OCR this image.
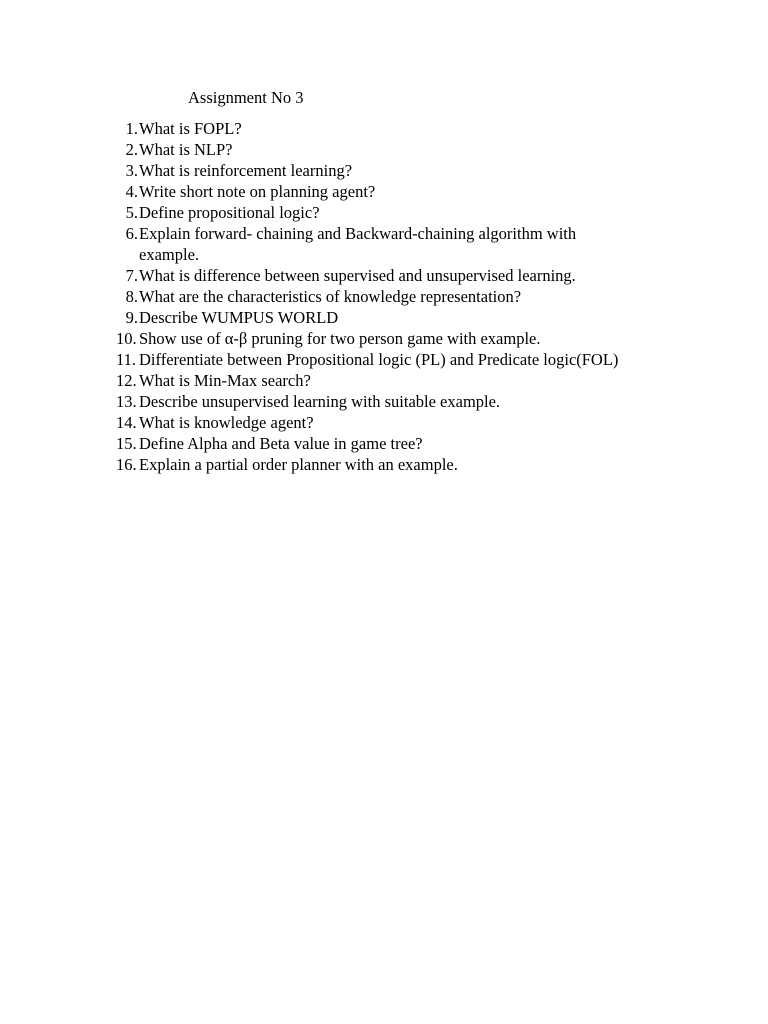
Assignment No 3
1. What is FOPL?
2. What is NLP?
3. What is reinforcement learning?
4. Write short note on planning agent?
5. Define propositional logic?
6. Explain forward- chaining and Backward-chaining algorithm with
example.
7. What is difference between supervised and unsupervised learning.
8. What are the characteristics of knowledge representation?
9. Describe WUMPUS WORLD
10. Show use of α-β pruning for two person game with example.
11. Differentiate between Propositional logic (PL) and Predicate logic(FOL)
12. What is Min-Max search?
13. Describe unsupervised learning with suitable example.
14. What is knowledge agent?
15. Define Alpha and Beta value in game tree?
16. Explain a partial order planner with an example.
